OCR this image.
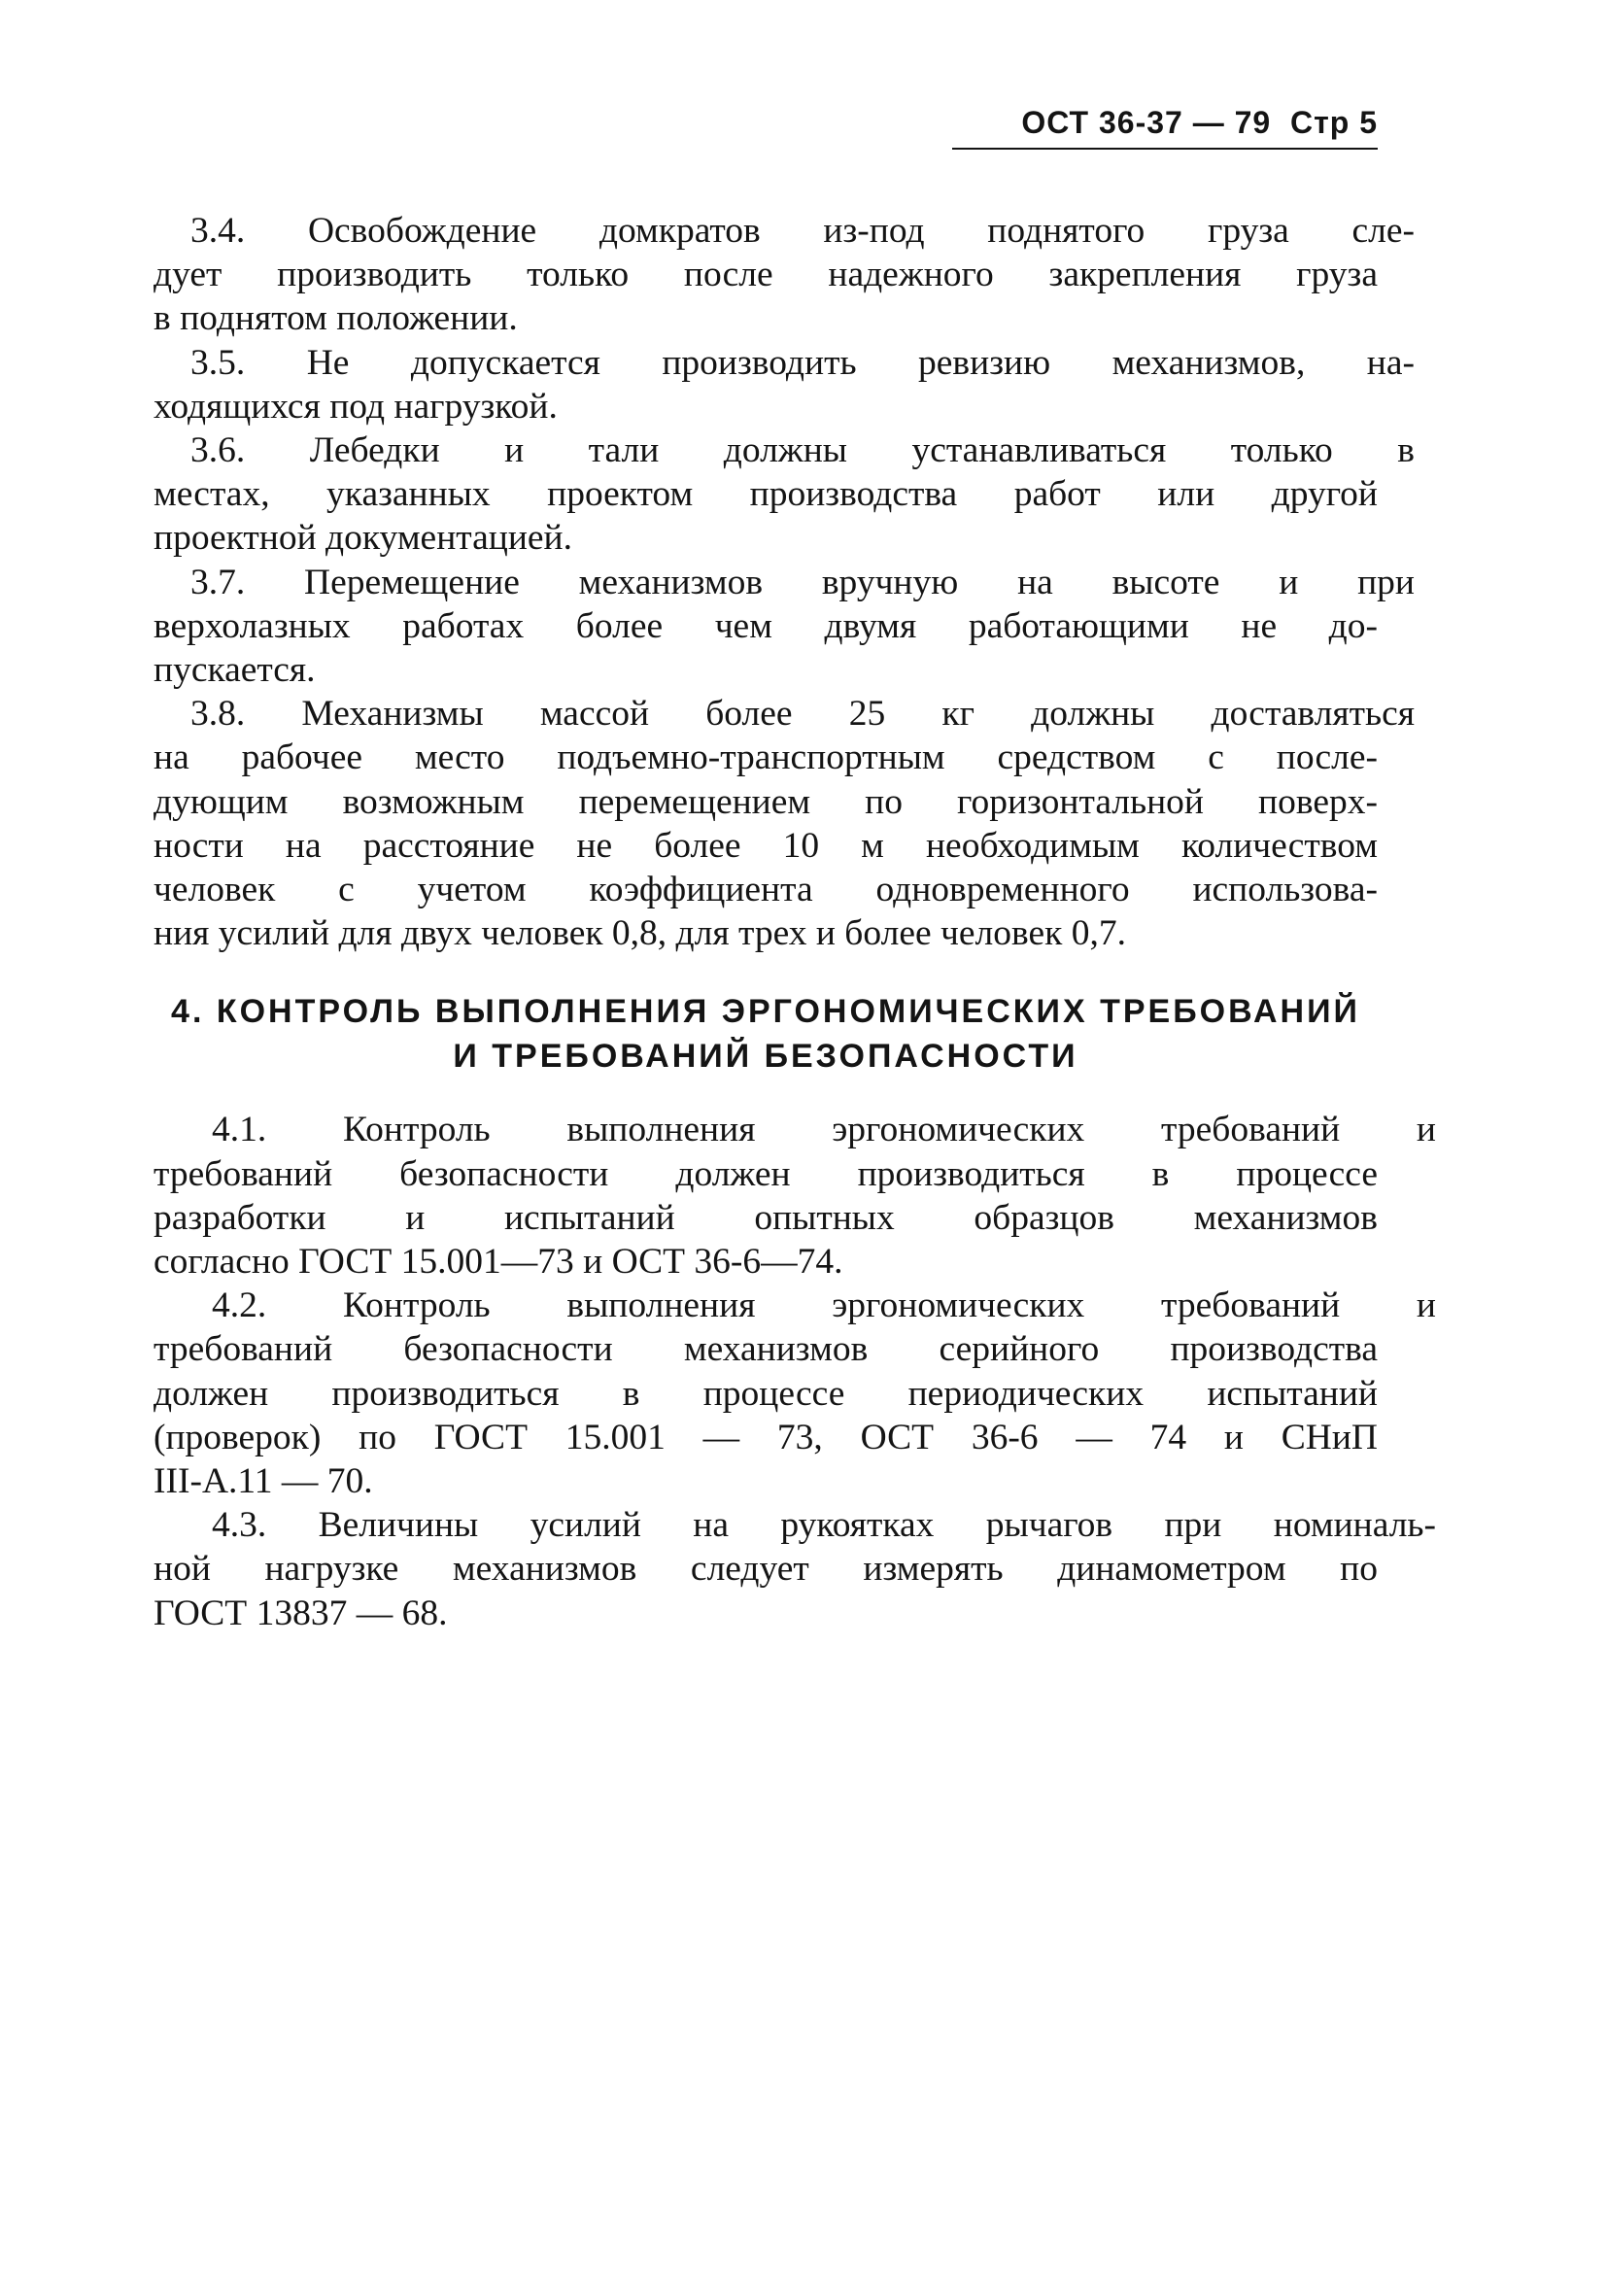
ОСТ 36-37 — 79 Стр 5

3.4. Освобождение домкратов из-под поднятого груза сле-
дует производить только после надежного закрепления груза
в поднятом положении.

3.5. Не допускается производить ревизию механизмов, на-
ходящихся под нагрузкой.

3.6. Лебедки и тали должны устанавливаться только в
местах, указанных проектом производства работ или другой
проектной документацией.

3.7. Перемещение механизмов вручную на высоте и при
верхолазных работах более чем двумя работающими не до-
пускается.

3.8. Механизмы массой более 25 кг должны доставляться
на рабочее место подъемно-транспортным средством с после-
дующим возможным перемещением по горизонтальной поверх-
ности на расстояние не более 10 м необходимым количеством
человек с учетом коэффициента одновременного использова-
ния усилий для двух человек 0,8, для трех и более человек 0,7.

4. КОНТРОЛЬ ВЫПОЛНЕНИЯ ЭРГОНОМИЧЕСКИХ ТРЕБОВАНИЙ
И ТРЕБОВАНИЙ БЕЗОПАСНОСТИ

4.1. Контроль выполнения эргономических требований и
требований безопасности должен производиться в процессе
разработки и испытаний опытных образцов механизмов
согласно ГОСТ 15.001—73 и ОСТ 36-6—74.

4.2. Контроль выполнения эргономических требований и
требований безопасности механизмов серийного производства
должен производиться в процессе периодических испытаний
(проверок) по ГОСТ 15.001 — 73, ОСТ 36-6 — 74 и СНиП
III-А.11 — 70.

4.3. Величины усилий на рукоятках рычагов при номиналь-
ной нагрузке механизмов следует измерять динамометром по
ГОСТ 13837 — 68.
